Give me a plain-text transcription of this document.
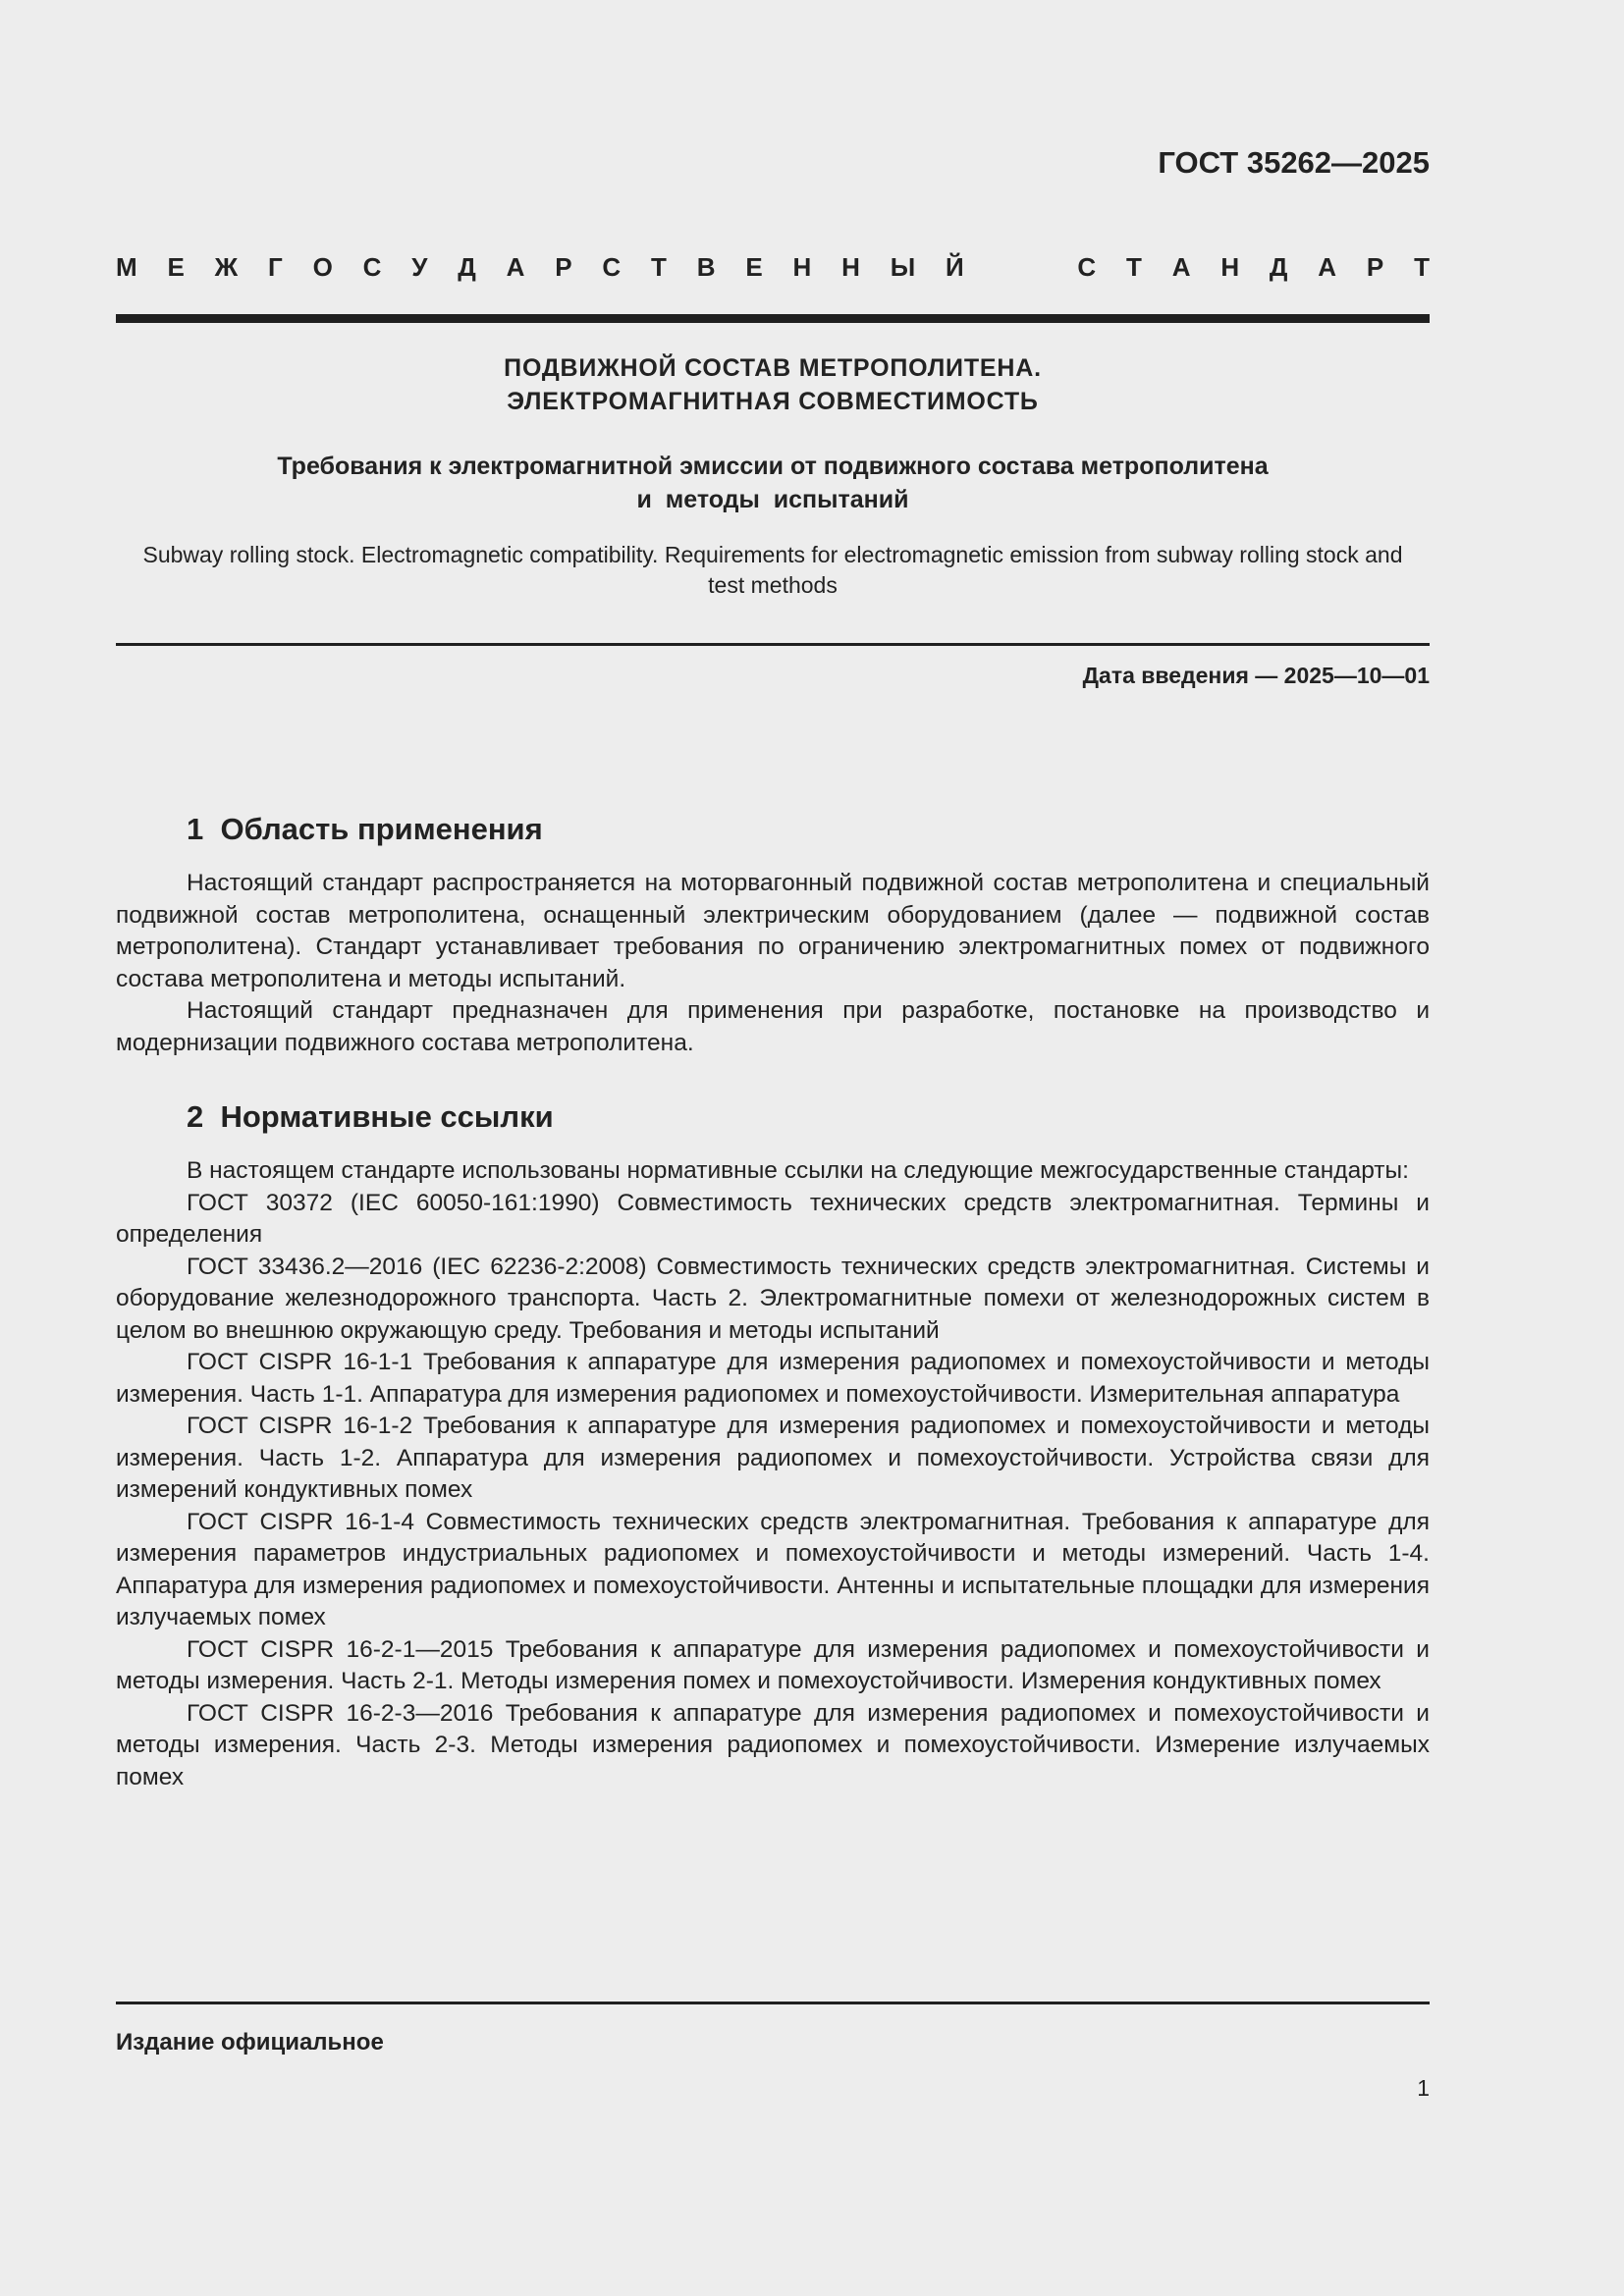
ГОСТ 35262—2025
М Е Ж Г О С У Д А Р С Т В Е Н Н Ы Й	С Т А Н Д А Р Т
ПОДВИЖНОЙ СОСТАВ МЕТРОПОЛИТЕНА.
ЭЛЕКТРОМАГНИТНАЯ СОВМЕСТИМОСТЬ
Требования к электромагнитной эмиссии от подвижного состава метрополитена
и  методы  испытаний
Subway rolling stock. Electromagnetic compatibility. Requirements for electromagnetic emission from subway rolling stock and test methods
Дата введения — 2025—10—01
1  Область применения

Настоящий стандарт распространяется на моторвагонный подвижной состав метрополитена и специальный подвижной состав метрополитена, оснащенный электрическим оборудованием (далее — подвижной состав метрополитена). Стандарт устанавливает требования по ограничению электромагнитных помех от подвижного состава метрополитена и методы испытаний.

Настоящий стандарт предназначен для применения при разработке, постановке на производство и модернизации подвижного состава метрополитена.

2  Нормативные ссылки

В настоящем стандарте использованы нормативные ссылки на следующие межгосударственные стандарты:

ГОСТ 30372 (IEC 60050-161:1990) Совместимость технических средств электромагнитная. Термины и определения

ГОСТ 33436.2—2016 (IEC 62236-2:2008) Совместимость технических средств электромагнитная. Системы и оборудование железнодорожного транспорта. Часть 2. Электромагнитные помехи от железнодорожных систем в целом во внешнюю окружающую среду. Требования и методы испытаний

ГОСТ CISPR 16-1-1 Требования к аппаратуре для измерения радиопомех и помехоустойчивости и методы измерения. Часть 1-1. Аппаратура для измерения радиопомех и помехоустойчивости. Измерительная аппаратура

ГОСТ CISPR 16-1-2 Требования к аппаратуре для измерения радиопомех и помехоустойчивости и методы измерения. Часть 1-2. Аппаратура для измерения радиопомех и помехоустойчивости. Устройства связи для измерений кондуктивных помех

ГОСТ CISPR 16-1-4 Совместимость технических средств электромагнитная. Требования к аппаратуре для измерения параметров индустриальных радиопомех и помехоустойчивости и методы измерений. Часть 1-4. Аппаратура для измерения радиопомех и помехоустойчивости. Антенны и испытательные площадки для измерения излучаемых помех

ГОСТ CISPR 16-2-1—2015 Требования к аппаратуре для измерения радиопомех и помехоустойчивости и методы измерения. Часть 2-1. Методы измерения помех и помехоустойчивости. Измерения кондуктивных помех

ГОСТ CISPR 16-2-3—2016 Требования к аппаратуре для измерения радиопомех и помехоустойчивости и методы измерения. Часть 2-3. Методы измерения радиопомех и помехоустойчивости. Измерение излучаемых помех

Издание официальное
1
